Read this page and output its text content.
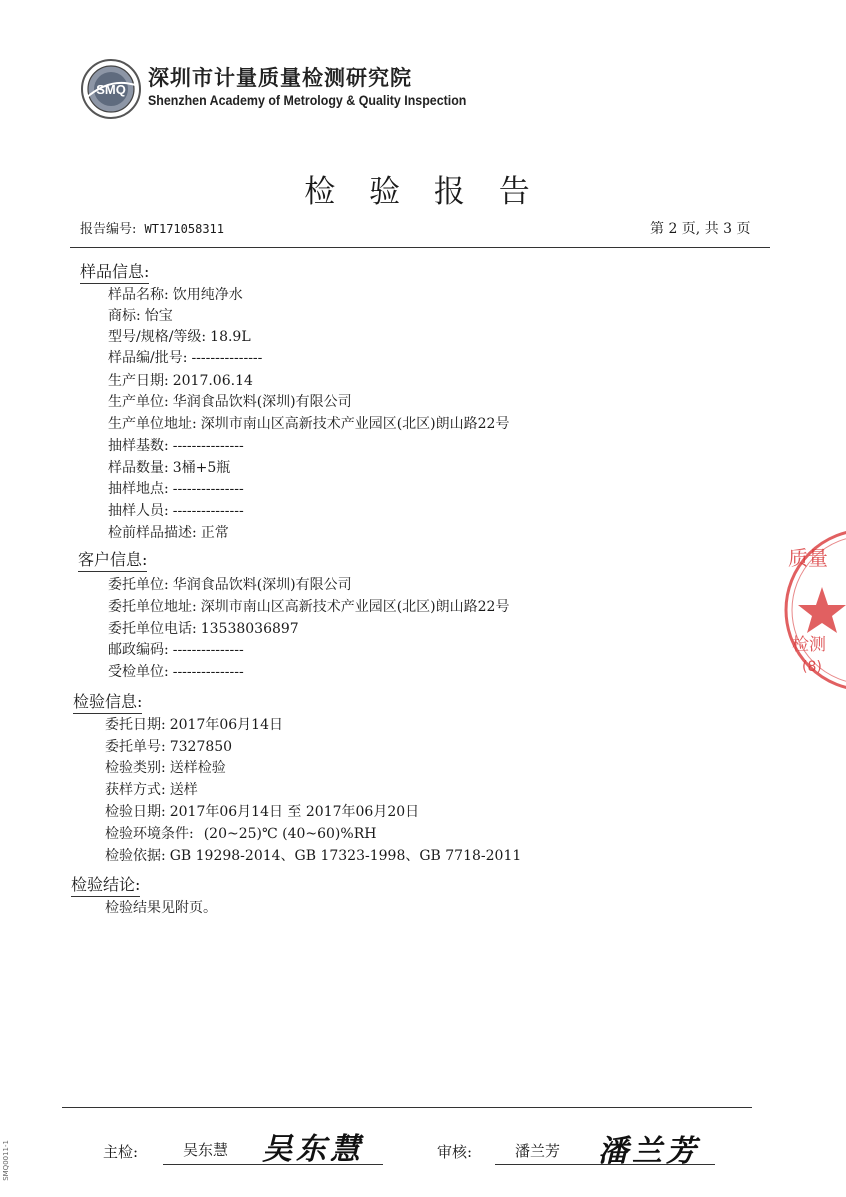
SMQ 深圳市计量质量检测研究院
Shenzhen Academy of Metrology & Quality Inspection
检 验 报 告
报告编号: WT171058311	第 2 页, 共 3 页
样品信息:
样品名称: 饮用纯净水
商标: 怡宝
型号/规格/等级: 18.9L
样品编/批号: ---------------
生产日期: 2017.06.14
生产单位: 华润食品饮料(深圳)有限公司
生产单位地址: 深圳市南山区高新技术产业园区(北区)朗山路22号
抽样基数: ---------------
样品数量: 3桶+5瓶
抽样地点: ---------------
抽样人员: ---------------
检前样品描述: 正常
客户信息:
委托单位: 华润食品饮料(深圳)有限公司
委托单位地址: 深圳市南山区高新技术产业园区(北区)朗山路22号
委托单位电话: 13538036897
邮政编码: ---------------
受检单位: ---------------
检验信息:
委托日期: 2017年06月14日
委托单号: 7327850
检验类别: 送样检验
获样方式: 送样
检验日期: 2017年06月14日 至 2017年06月20日
检验环境条件: (20~25)℃ (40~60)%RH
检验依据: GB 19298-2014、GB 17323-1998、GB 7718-2011
检验结论:
检验结果见附页。
质量
检测
(8)
主检:	吴东慧 吴东慧	审核:	潘兰芳 潘兰芳
SMQ0011-1
